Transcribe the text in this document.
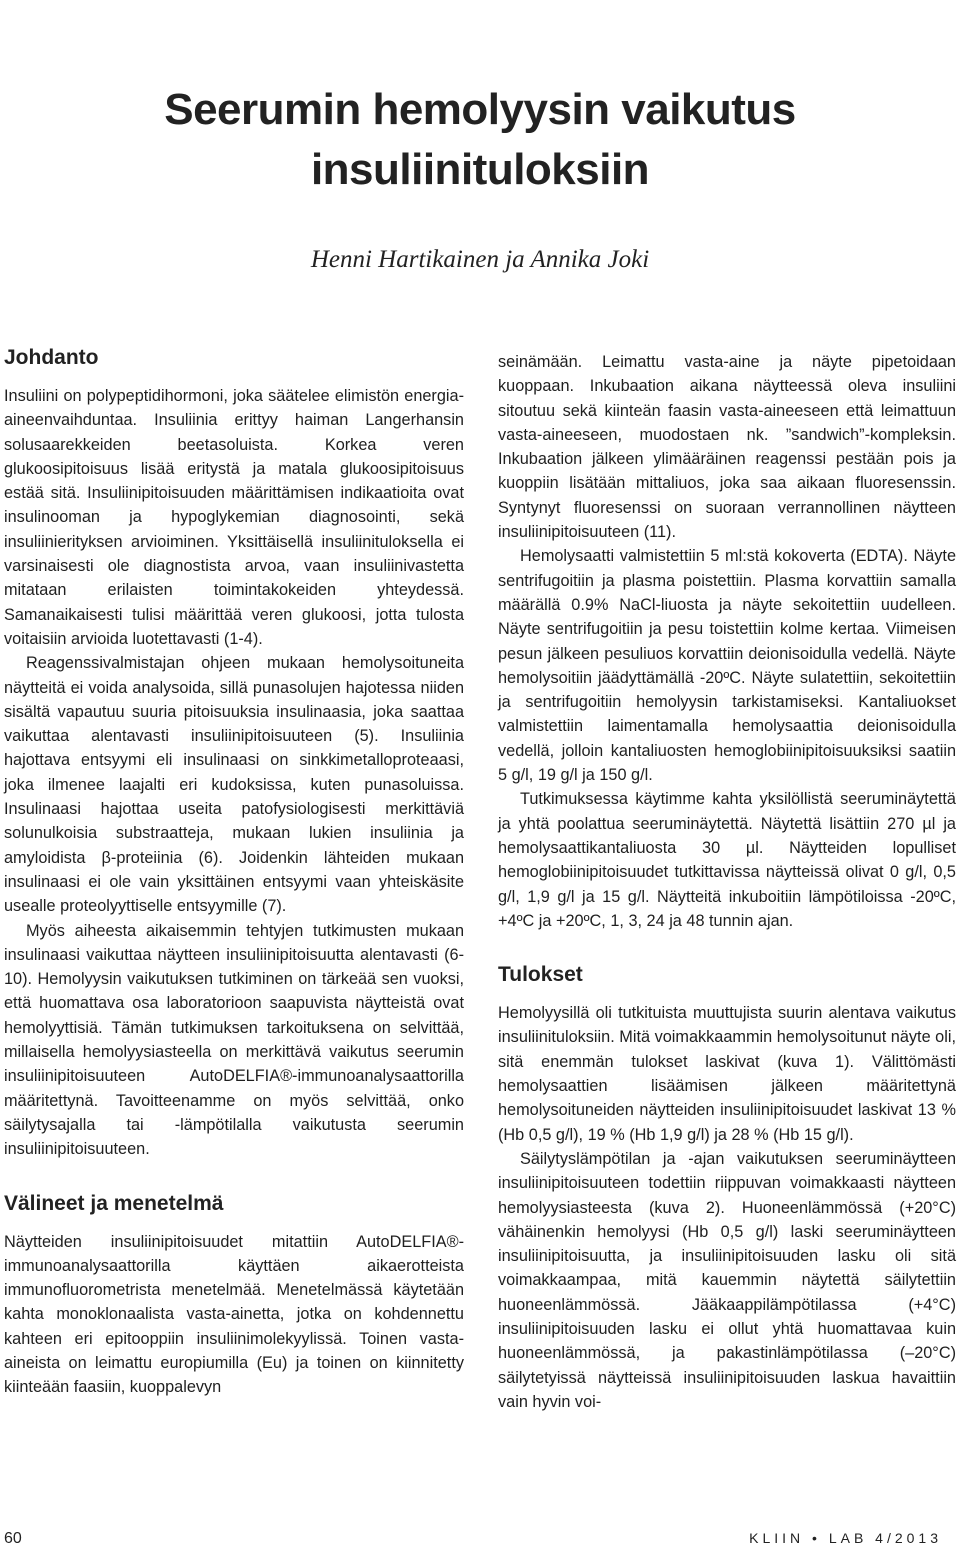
Seerumin hemolyysin vaikutus
insuliinituloksiin

Henni Hartikainen ja Annika Joki

Johdanto

Insuliini on polypeptidihormoni, joka säätelee elimistön energia-aineenvaihduntaa. Insuliinia erittyy haiman Langerhansin solusaarekkeiden beetasoluista. Korkea veren glukoosipitoisuus lisää eritystä ja matala glukoosipitoisuus estää sitä. Insuliinipitoisuuden määrittämisen indikaatioita ovat insulinooman ja hypoglykemian diagnosointi, sekä insuliinierityksen arvioiminen. Yksittäisellä insuliinituloksella ei varsinaisesti ole diagnostista arvoa, vaan insuliinivastetta mitataan erilaisten toimintakokeiden yhteydessä. Samanaikaisesti tulisi määrittää veren glukoosi, jotta tulosta voitaisiin arvioida luotettavasti (1-4).

Reagenssivalmistajan ohjeen mukaan hemolysoituneita näytteitä ei voida analysoida, sillä punasolujen hajotessa niiden sisältä vapautuu suuria pitoisuuksia insulinaasia, joka saattaa vaikuttaa alentavasti insuliinipitoisuuteen (5). Insuliinia hajottava entsyymi eli insulinaasi on sinkkimetalloproteaasi, joka ilmenee laajalti eri kudoksissa, kuten punasoluissa. Insulinaasi hajottaa useita patofysiologisesti merkittäviä solunulkoisia substraatteja, mukaan lukien insuliinia ja amyloidista β-proteiinia (6). Joidenkin lähteiden mukaan insulinaasi ei ole vain yksittäinen entsyymi vaan yhteiskäsite usealle proteolyyttiselle entsyymille (7).

Myös aiheesta aikaisemmin tehtyjen tutkimusten mukaan insulinaasi vaikuttaa näytteen insuliinipitoisuutta alentavasti (6-10). Hemolyysin vaikutuksen tutkiminen on tärkeää sen vuoksi, että huomattava osa laboratorioon saapuvista näytteistä ovat hemolyyttisiä. Tämän tutkimuksen tarkoituksena on selvittää, millaisella hemolyysiasteella on merkittävä vaikutus seerumin insuliinipitoisuuteen AutoDELFIA®-immunoanalysaattorilla määritettynä. Tavoitteenamme on myös selvittää, onko säilytysajalla tai -lämpötilalla vaikutusta seerumin insuliinipitoisuuteen.

Välineet ja menetelmä

Näytteiden insuliinipitoisuudet mitattiin AutoDELFIA®-immunoanalysaattorilla käyttäen aikaerotteista immunofluorometrista menetelmää. Menetelmässä käytetään kahta monoklonaalista vasta-ainetta, jotka on kohdennettu kahteen eri epitooppiin insuliinimolekyylissä. Toinen vasta-aineista on leimattu europiumilla (Eu) ja toinen on kiinnitetty kiinteään faasiin, kuoppalevyn

seinämään. Leimattu vasta-aine ja näyte pipetoidaan kuoppaan. Inkubaation aikana näytteessä oleva insuliini sitoutuu sekä kiinteän faasin vasta-aineeseen että leimattuun vasta-aineeseen, muodostaen nk. ”sandwich”-kompleksin. Inkubaation jälkeen ylimääräinen reagenssi pestään pois ja kuoppiin lisätään mittaliuos, joka saa aikaan fluoresenssin. Syntynyt fluoresenssi on suoraan verrannollinen näytteen insuliinipitoisuuteen (11).

Hemolysaatti valmistettiin 5 ml:stä kokoverta (EDTA). Näyte sentrifugoitiin ja plasma poistettiin. Plasma korvattiin samalla määrällä 0.9% NaCl-liuosta ja näyte sekoitettiin uudelleen. Näyte sentrifugoitiin ja pesu toistettiin kolme kertaa. Viimeisen pesun jälkeen pesuliuos korvattiin deionisoidulla vedellä. Näyte hemolysoitiin jäädyttämällä -20ºC. Näyte sulatettiin, sekoitettiin ja sentrifugoitiin hemolyysin tarkistamiseksi. Kantaliuokset valmistettiin laimentamalla hemolysaattia deionisoidulla vedellä, jolloin kantaliuosten hemoglobiinipitoisuuksiksi saatiin 5 g/l, 19 g/l ja 150 g/l.

Tutkimuksessa käytimme kahta yksilöllistä seeruminäytettä ja yhtä poolattua seeruminäytettä. Näytettä lisättiin 270 µl ja hemolysaattikantaliuosta 30 µl. Näytteiden lopulliset hemoglobiinipitoisuudet tutkittavissa näytteissä olivat 0 g/l, 0,5 g/l, 1,9 g/l ja 15 g/l. Näytteitä inkuboitiin lämpötiloissa -20ºC, +4ºC ja +20ºC, 1, 3, 24 ja 48 tunnin ajan.

Tulokset

Hemolyysillä oli tutkituista muuttujista suurin alentava vaikutus insuliinituloksiin. Mitä voimakkaammin hemolysoitunut näyte oli, sitä enemmän tulokset laskivat (kuva 1). Välittömästi hemolysaattien lisäämisen jälkeen määritettynä hemolysoituneiden näytteiden insuliinipitoisuudet laskivat 13 % (Hb 0,5 g/l), 19 % (Hb 1,9 g/l) ja 28 % (Hb 15 g/l).

Säilytyslämpötilan ja -ajan vaikutuksen seeruminäytteen insuliinipitoisuuteen todettiin riippuvan voimakkaasti näytteen hemolyysiasteesta (kuva 2). Huoneenlämmössä (+20°C) vähäinenkin hemolyysi (Hb 0,5 g/l) laski seeruminäytteen insuliinipitoisuutta, ja insuliinipitoisuuden lasku oli sitä voimakkaampaa, mitä kauemmin näytettä säilytettiin huoneenlämmössä. Jääkaappilämpötilassa (+4°C) insuliinipitoisuuden lasku ei ollut yhtä huomattavaa kuin huoneenlämmössä, ja pakastinlämpötilassa (–20°C) säilytetyissä näytteissä insuliinipitoisuuden laskua havaittiin vain hyvin voi-

60	KLIIN • LAB 4/2013
